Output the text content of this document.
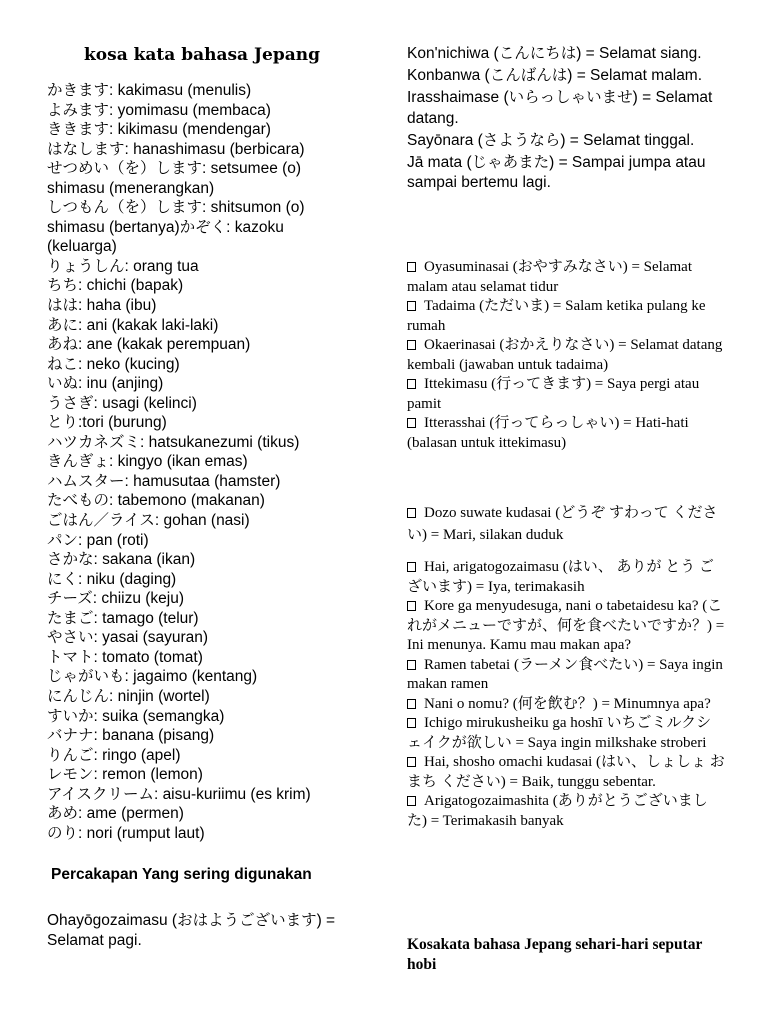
kosa kata bahasa Jepang
かきます: kakimasu (menulis)
よみます: yomimasu (membaca)
ききます: kikimasu (mendengar)
はなします: hanashimasu (berbicara)
せつめい（を）します: setsumee (o) shimasu (menerangkan)
しつもん（を）します: shitsumon (o) shimasu (bertanya)かぞく: kazoku (keluarga)
りょうしん: orang tua
ちち: chichi (bapak)
はは: haha (ibu)
あに: ani (kakak laki-laki)
あね: ane (kakak perempuan)
ねこ: neko (kucing)
いぬ: inu (anjing)
うさぎ: usagi (kelinci)
とり:tori (burung)
ハツカネズミ: hatsukanezumi (tikus)
きんぎょ: kingyo (ikan emas)
ハムスター: hamusutaa (hamster)
たべもの: tabemono (makanan)
ごはん／ライス: gohan (nasi)
パン: pan (roti)
さかな: sakana (ikan)
にく: niku (daging)
チーズ: chiizu (keju)
たまご: tamago (telur)
やさい: yasai (sayuran)
トマト: tomato (tomat)
じゃがいも: jagaimo (kentang)
にんじん: ninjin (wortel)
すいか: suika (semangka)
バナナ: banana (pisang)
りんご: ringo (apel)
レモン: remon (lemon)
アイスクリーム: aisu-kuriimu (es krim)
あめ: ame (permen)
のり: nori (rumput laut)
Percakapan Yang sering digunakan
Ohayōgozaimasu (おはようございます) = Selamat pagi.

Kon'nichiwa (こんにちは) = Selamat siang.

Konbanwa (こんばんは) = Selamat malam.

Irasshaimase (いらっしゃいませ) = Selamat datang.

Sayōnara (さようなら) = Selamat tinggal.

Jā mata (じゃあまた) = Sampai jumpa atau sampai bertemu lagi.

Oyasuminasai (おやすみなさい) = Selamat malam atau selamat tidur

Tadaima (ただいま) = Salam ketika pulang ke rumah

Okaerinasai (おかえりなさい) = Selamat datang kembali (jawaban untuk tadaima)

Ittekimasu (行ってきます) = Saya pergi atau pamit

Itterasshai (行ってらっしゃい) = Hati-hati (balasan untuk ittekimasu)

Dozo suwate kudasai (どうぞ すわって ください) = Mari, silakan duduk

Hai, arigatogozaimasu (はい、 ありが とう ございます) = Iya, terimakasih

Kore ga menyudesuga, nani o tabetaidesu ka? (これがメニューですが、何を食べたいですか？) = Ini menunya. Kamu mau makan apa?

Ramen tabetai (ラーメン食べたい) = Saya ingin makan ramen

Nani o nomu? (何を飲む？) = Minumnya apa?

Ichigo mirukusheiku ga hoshī いちごミルクシェイクが欲しい = Saya ingin milkshake stroberi

Hai, shosho omachi kudasai (はい、しょしょ おまち ください) = Baik, tunggu sebentar.

Arigatogozaimashita (ありがとうございました) = Terimakasih banyak

Kosakata bahasa Jepang sehari-hari seputar hobi
